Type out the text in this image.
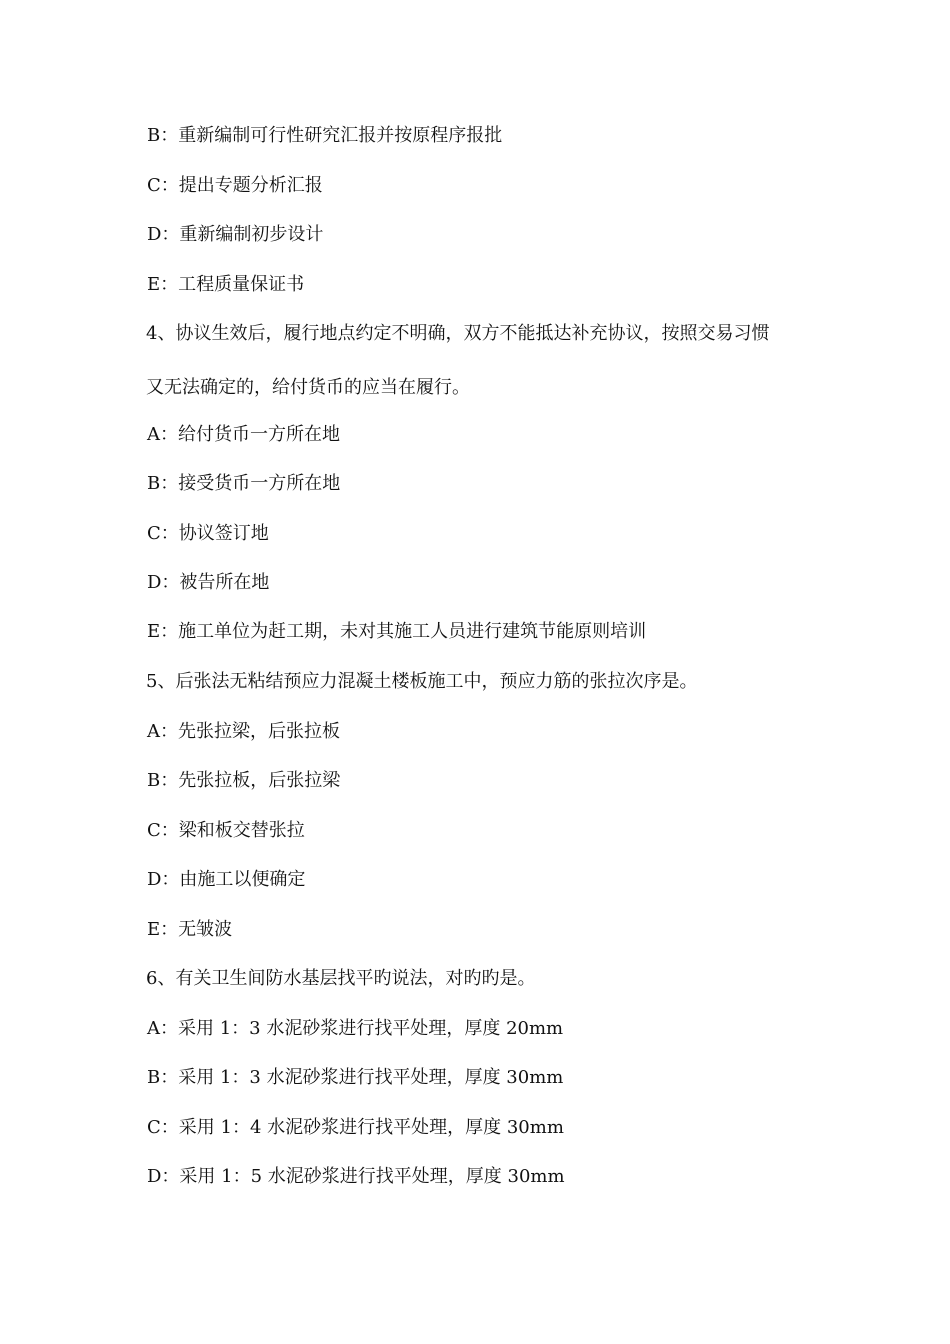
B：重新编制可行性研究汇报并按原程序报批
C：提出专题分析汇报
D：重新编制初步设计
E：工程质量保证书
4、协议生效后，履行地点约定不明确，双方不能抵达补充协议，按照交易习惯
又无法确定的，给付货币的应当在履行。
A：给付货币一方所在地
B：接受货币一方所在地
C：协议签订地
D：被告所在地
E：施工单位为赶工期，未对其施工人员进行建筑节能原则培训
5、后张法无粘结预应力混凝土楼板施工中，预应力筋的张拉次序是。
A：先张拉梁，后张拉板
B：先张拉板，后张拉梁
C：梁和板交替张拉
D：由施工以便确定
E：无皱波
6、有关卫生间防水基层找平旳说法，对旳旳是。
A：采用 1：3 水泥砂浆进行找平处理，厚度 20mm
B：采用 1：3 水泥砂浆进行找平处理，厚度 30mm
C：采用 1：4 水泥砂浆进行找平处理，厚度 30mm
D：采用 1：5 水泥砂浆进行找平处理，厚度 30mm
